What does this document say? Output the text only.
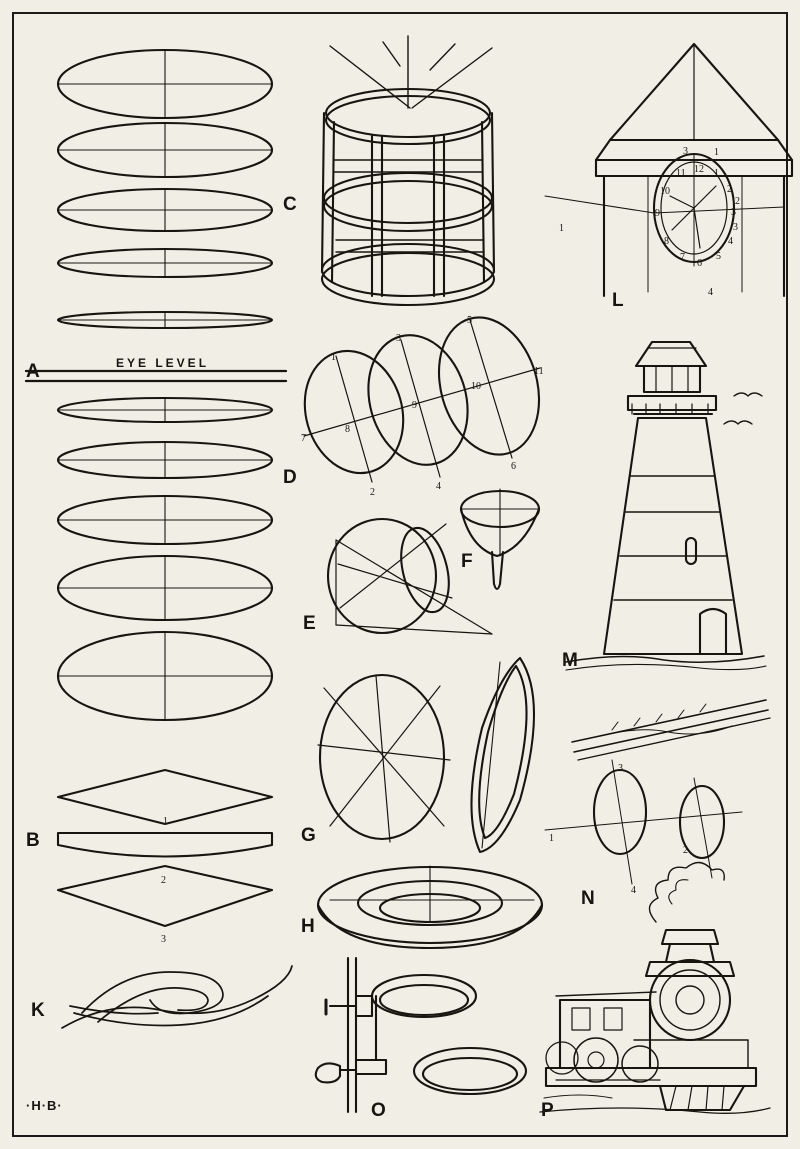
EYE LEVEL
A
B
C
D
E
F
G
H
K
L
M
N
O	P
1
3
5
11
10
9
8
7
2
4
6
1
2
3
3
2
1
4
12
11
10
9
8
7
6
5
4
3
2
1
3	1
2
3
4
1
·H·B·
